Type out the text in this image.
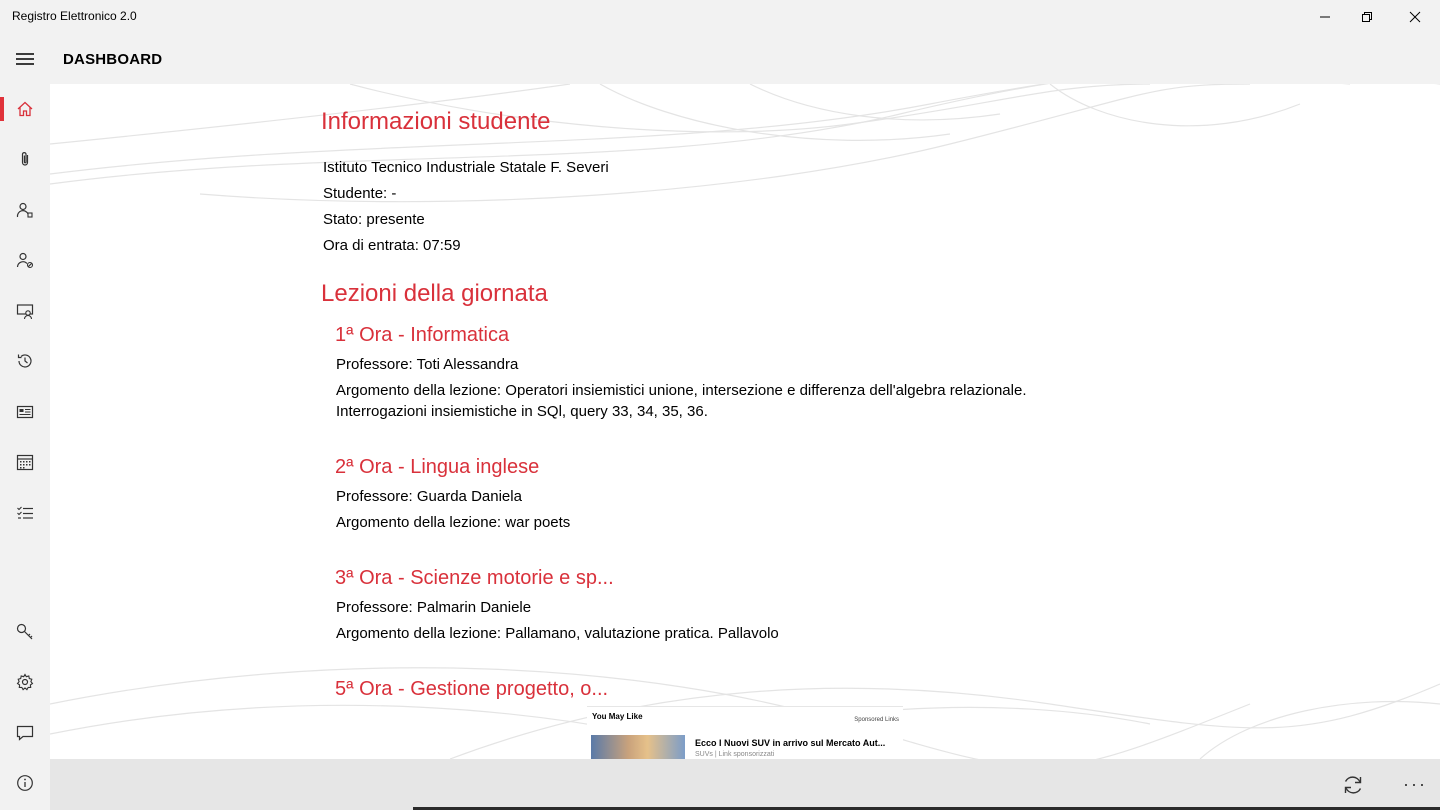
Registro Elettronico 2.0
DASHBOARD
Informazioni studente
Istituto Tecnico Industriale Statale F. Severi
Studente: -
Stato: presente
Ora di entrata: 07:59
Lezioni della giornata
1ª Ora - Informatica
Professore: Toti Alessandra
Argomento della lezione: Operatori insiemistici unione, intersezione e differenza dell'algebra relazionale.
Interrogazioni insiemistiche in SQl, query 33, 34, 35, 36.
2ª Ora - Lingua inglese
Professore: Guarda Daniela
Argomento della lezione: war poets
3ª Ora - Scienze motorie e sp...
Professore: Palmarin Daniele
Argomento della lezione: Pallamano, valutazione pratica. Pallavolo
5ª Ora - Gestione progetto, o...
You May Like	Sponsored Links
Ecco I Nuovi SUV in arrivo sul Mercato Aut...
SUVs | Link sponsorizzati
···
